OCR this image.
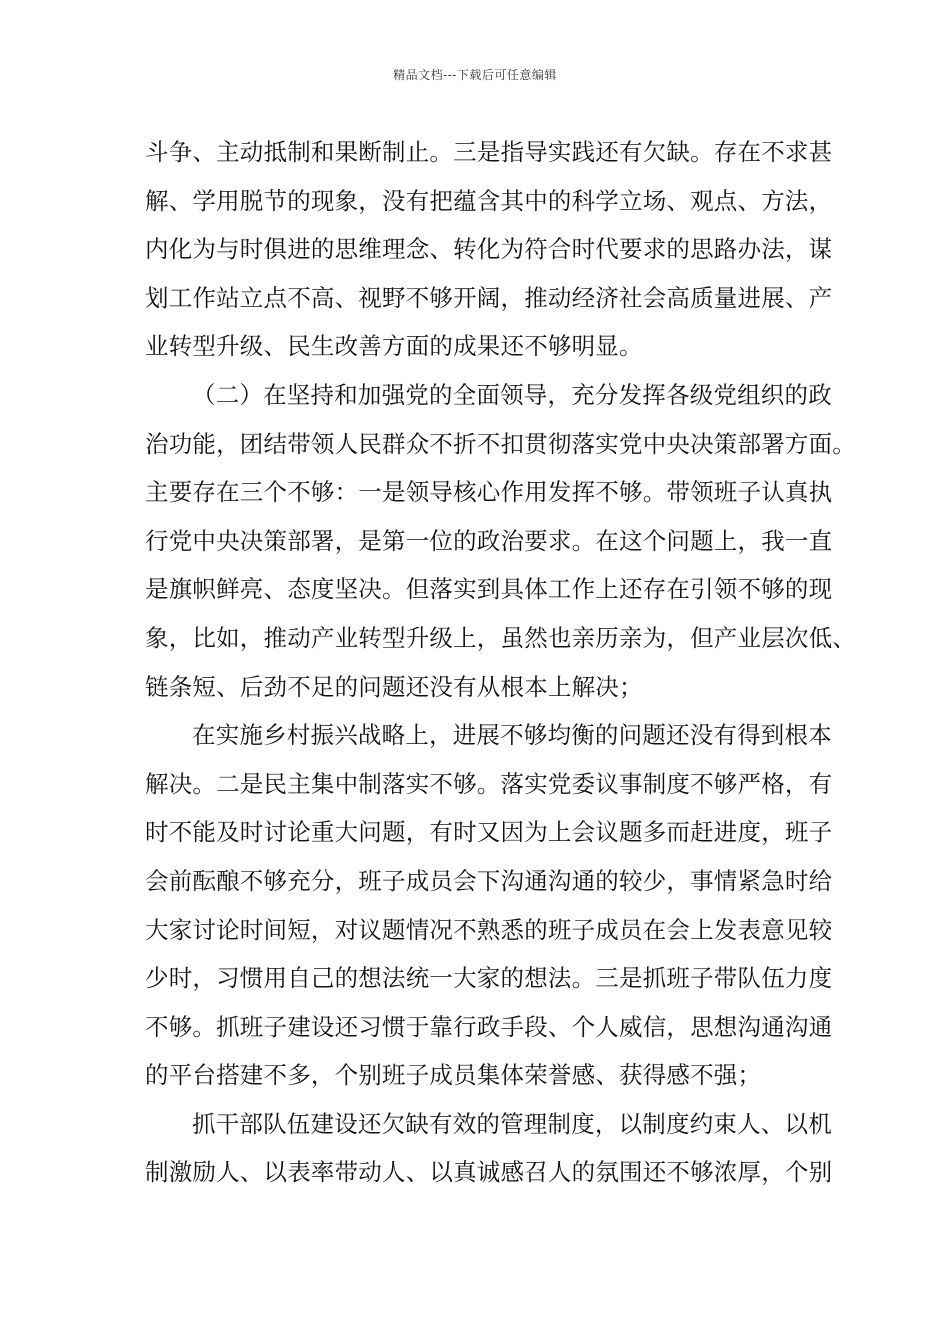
精品文档---下载后可任意编辑
斗争、主动抵制和果断制止。三是指导实践还有欠缺。存在不求甚
解、学用脱节的现象，没有把蕴含其中的科学立场、观点、方法，
内化为与时俱进的思维理念、转化为符合时代要求的思路办法，谋
划工作站立点不高、视野不够开阔，推动经济社会高质量进展、产
业转型升级、民生改善方面的成果还不够明显。
（二）在坚持和加强党的全面领导，充分发挥各级党组织的政
治功能，团结带领人民群众不折不扣贯彻落实党中央决策部署方面。
主要存在三个不够：一是领导核心作用发挥不够。带领班子认真执
行党中央决策部署，是第一位的政治要求。在这个问题上，我一直
是旗帜鲜亮、态度坚决。但落实到具体工作上还存在引领不够的现
象，比如，推动产业转型升级上，虽然也亲历亲为，但产业层次低、
链条短、后劲不足的问题还没有从根本上解决；
在实施乡村振兴战略上，进展不够均衡的问题还没有得到根本
解决。二是民主集中制落实不够。落实党委议事制度不够严格，有
时不能及时讨论重大问题，有时又因为上会议题多而赶进度，班子
会前酝酿不够充分，班子成员会下沟通沟通的较少，事情紧急时给
大家讨论时间短，对议题情况不熟悉的班子成员在会上发表意见较
少时，习惯用自己的想法统一大家的想法。三是抓班子带队伍力度
不够。抓班子建设还习惯于靠行政手段、个人威信，思想沟通沟通
的平台搭建不多，个别班子成员集体荣誉感、获得感不强；
抓干部队伍建设还欠缺有效的管理制度，以制度约束人、以机
制激励人、以表率带动人、以真诚感召人的氛围还不够浓厚，个别
